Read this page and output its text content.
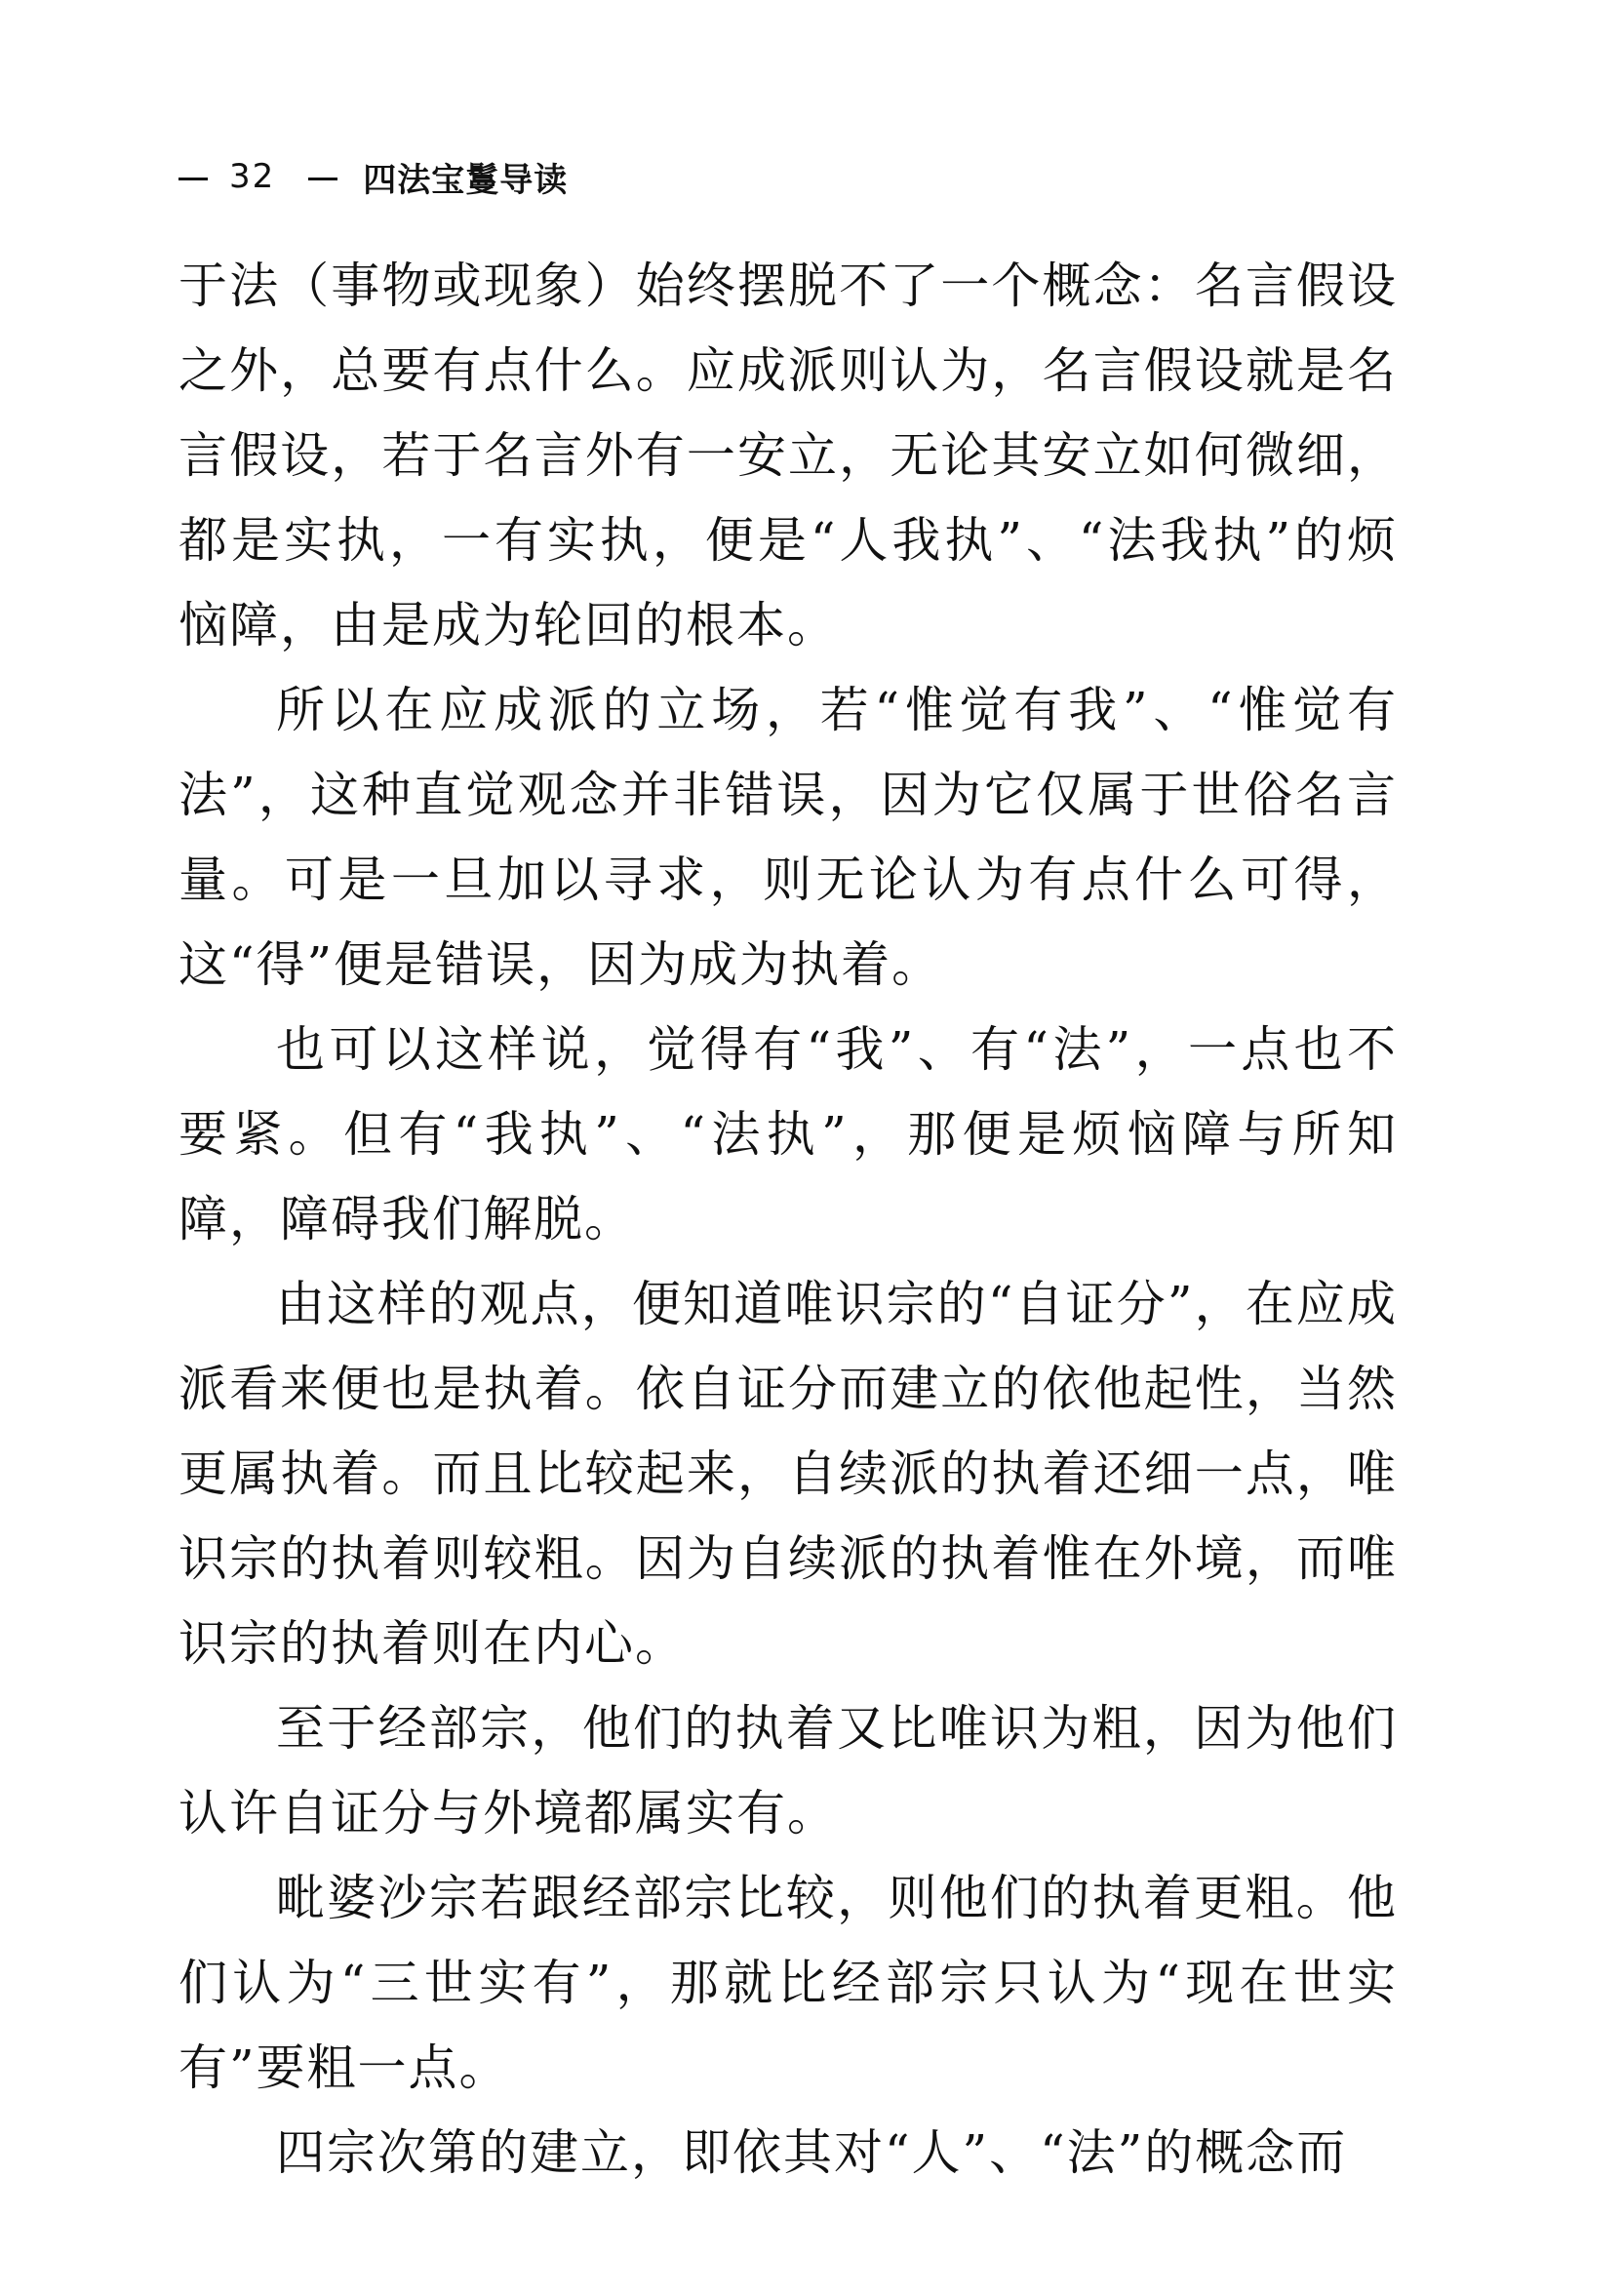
32	四法宝鬘导读

于法（事物或现象）始终摆脱不了一个概念：名言假设之外，总要有点什么。应成派则认为，名言假设就是名言假设，若于名言外有一安立，无论其安立如何微细，都是实执，一有实执，便是“人我执”、“法我执”的烦恼障，由是成为轮回的根本。

所以在应成派的立场，若“惟觉有我”、“惟觉有法”，这种直觉观念并非错误，因为它仅属于世俗名言量。可是一旦加以寻求，则无论认为有点什么可得，这“得”便是错误，因为成为执着。

也可以这样说，觉得有“我”、有“法”，一点也不要紧。但有“我执”、“法执”，那便是烦恼障与所知障，障碍我们解脱。

由这样的观点，便知道唯识宗的“自证分”，在应成派看来便也是执着。依自证分而建立的依他起性，当然更属执着。而且比较起来，自续派的执着还细一点，唯识宗的执着则较粗。因为自续派的执着惟在外境，而唯识宗的执着则在内心。

至于经部宗，他们的执着又比唯识为粗，因为他们认许自证分与外境都属实有。

毗婆沙宗若跟经部宗比较，则他们的执着更粗。他们认为“三世实有”，那就比经部宗只认为“现在世实有”要粗一点。

四宗次第的建立，即依其对“人”、“法”的概念而
